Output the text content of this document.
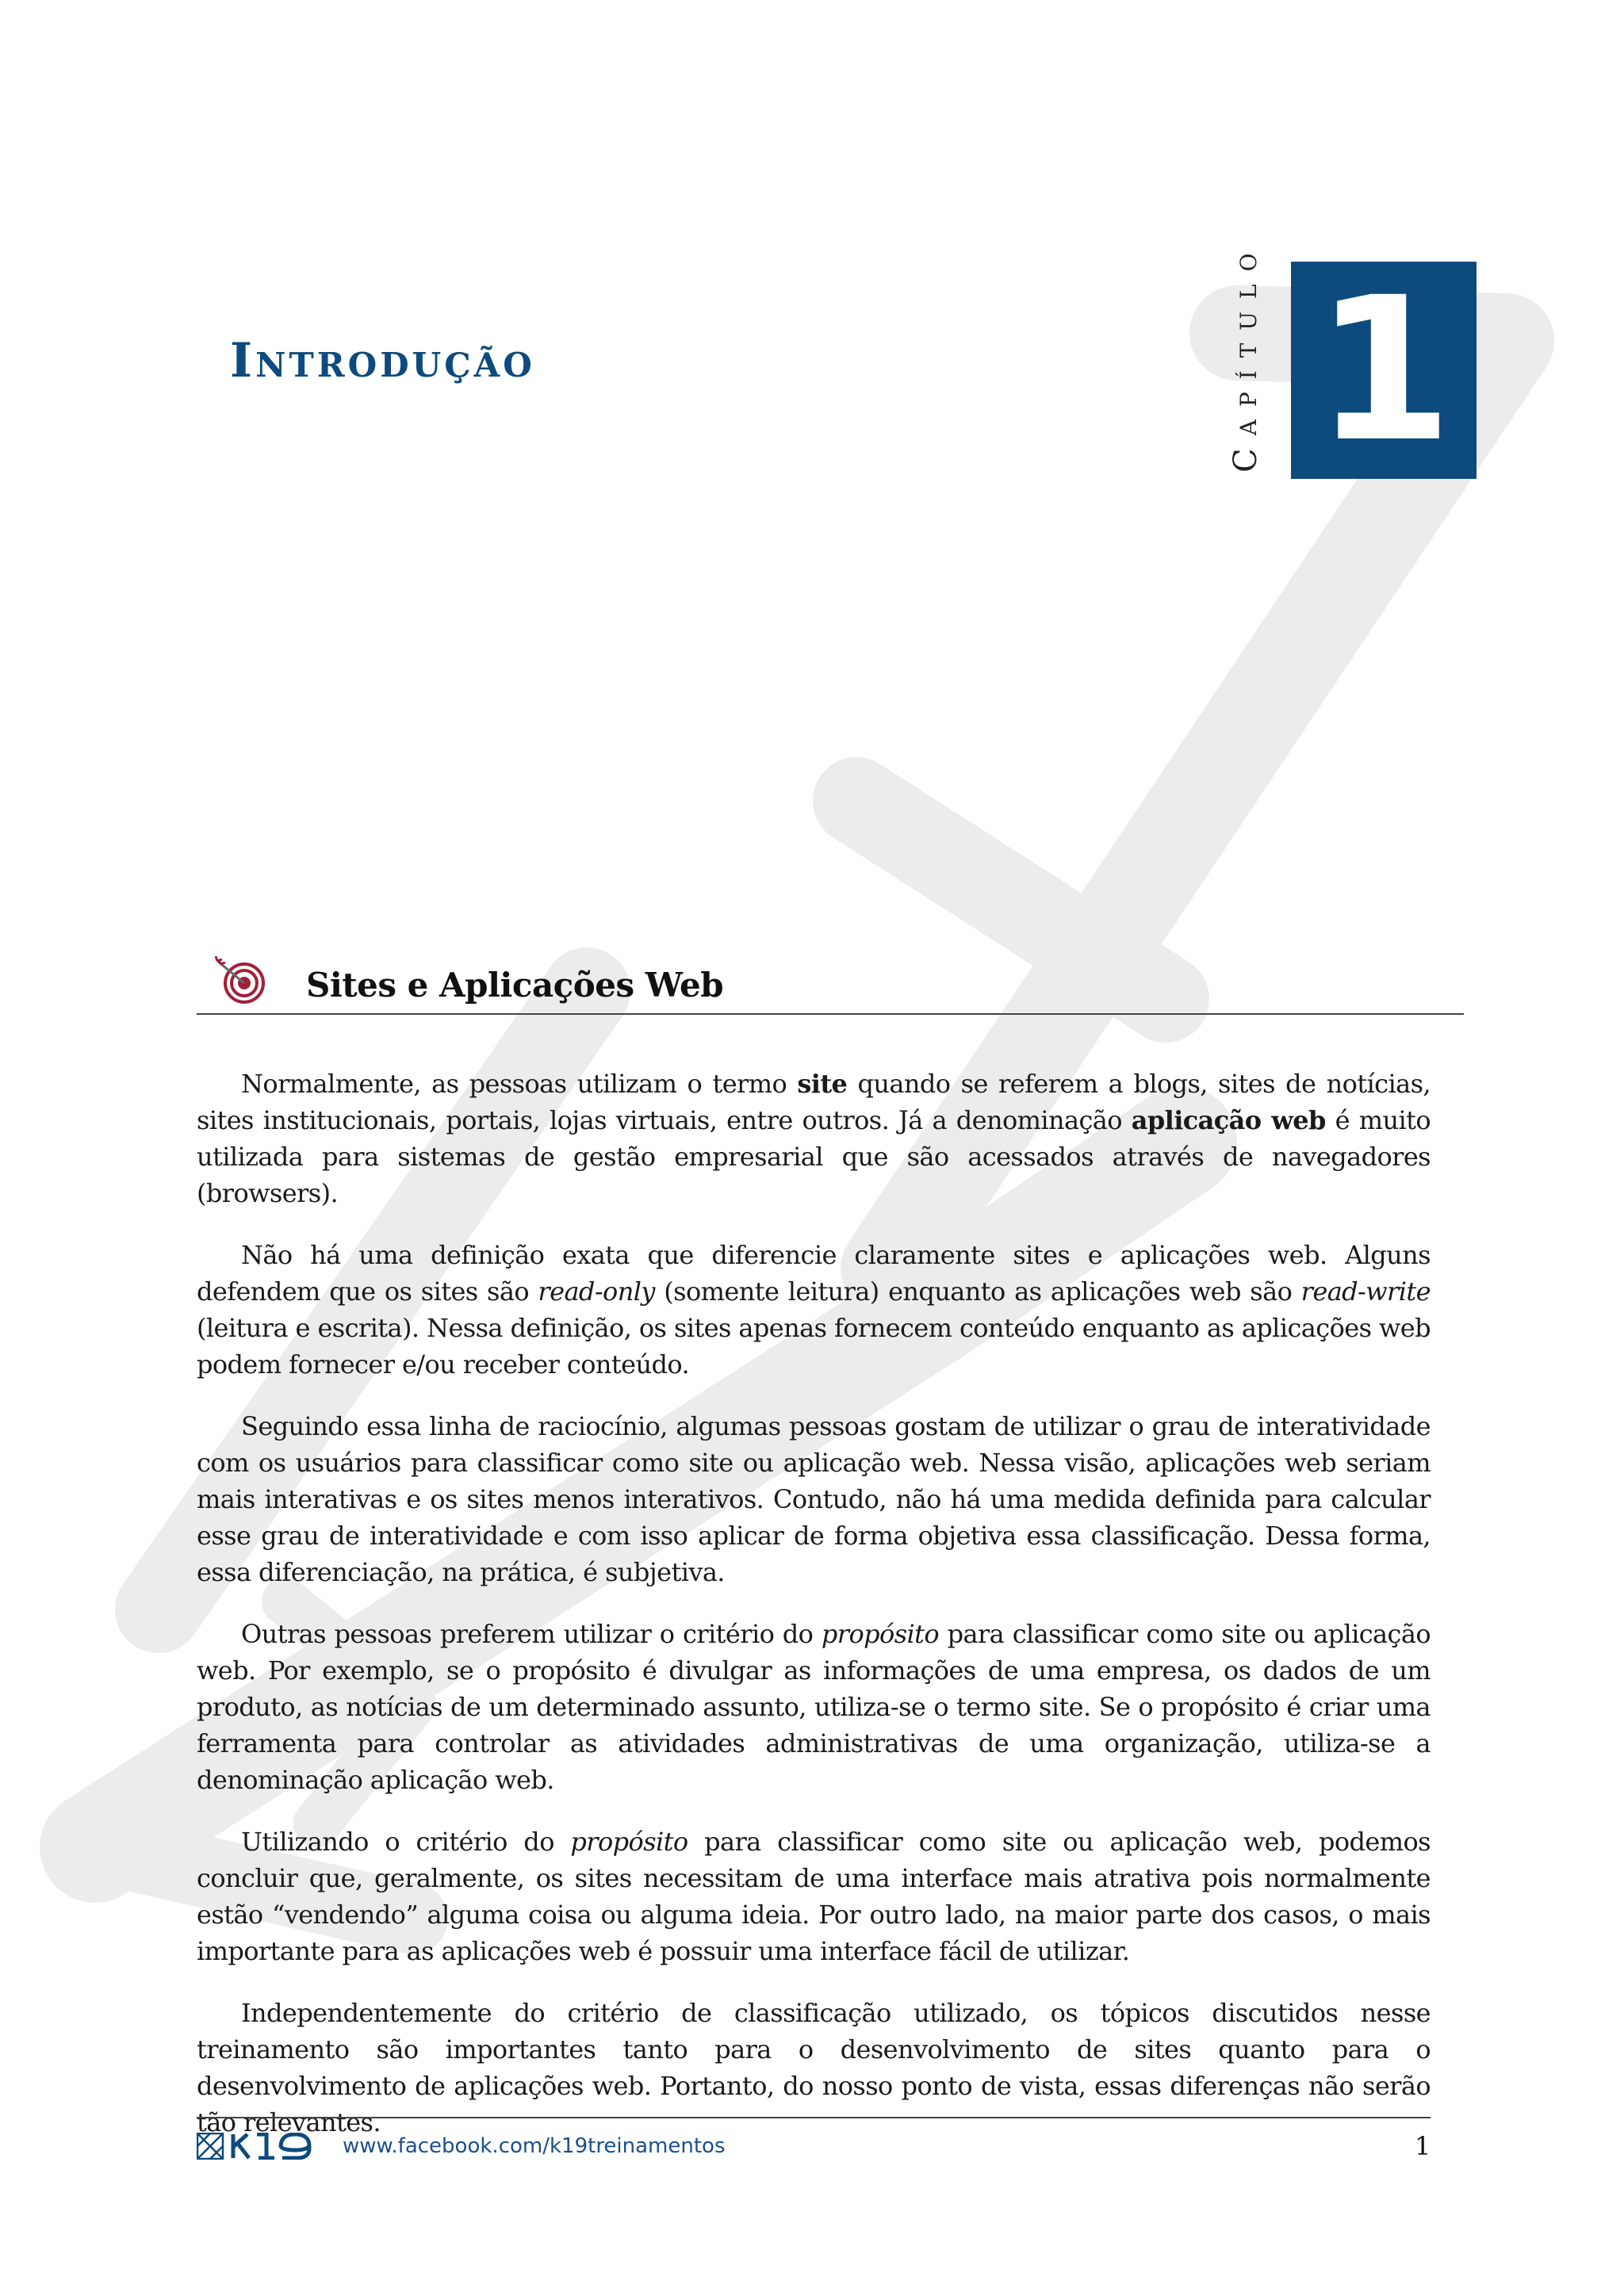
Introdução	Capítulo 1
Sites e Aplicações Web

Normalmente, as pessoas utilizam o termo site quando se referem a blogs, sites de notícias, sites institucionais, portais, lojas virtuais, entre outros. Já a denominação aplicação web é muito utilizada para sistemas de gestão empresarial que são acessados através de navegadores (browsers).

Não há uma definição exata que diferencie claramente sites e aplicações web. Alguns defendem que os sites são read-only (somente leitura) enquanto as aplicações web são read-write (leitura e escrita). Nessa definição, os sites apenas fornecem conteúdo enquanto as aplicações web podem fornecer e/ou receber conteúdo.

Seguindo essa linha de raciocínio, algumas pessoas gostam de utilizar o grau de interatividade com os usuários para classificar como site ou aplicação web. Nessa visão, aplicações web seriam mais interativas e os sites menos interativos. Contudo, não há uma medida definida para calcular esse grau de interatividade e com isso aplicar de forma objetiva essa classificação. Dessa forma, essa diferenciação, na prática, é subjetiva.

Outras pessoas preferem utilizar o critério do propósito para classificar como site ou aplicação web. Por exemplo, se o propósito é divulgar as informações de uma empresa, os dados de um produto, as notícias de um determinado assunto, utiliza-se o termo site. Se o propósito é criar uma ferramenta para controlar as atividades administrativas de uma organização, utiliza-se a denominação aplicação web.

Utilizando o critério do propósito para classificar como site ou aplicação web, podemos concluir que, geralmente, os sites necessitam de uma interface mais atrativa pois normalmente estão “vendendo” alguma coisa ou alguma ideia. Por outro lado, na maior parte dos casos, o mais importante para as aplicações web é possuir uma interface fácil de utilizar.

Independentemente do critério de classificação utilizado, os tópicos discutidos nesse treinamento são importantes tanto para o desenvolvimento de sites quanto para o desenvolvimento de aplicações web. Portanto, do nosso ponto de vista, essas diferenças não serão tão relevantes.

www.facebook.com/k19treinamentos	1
